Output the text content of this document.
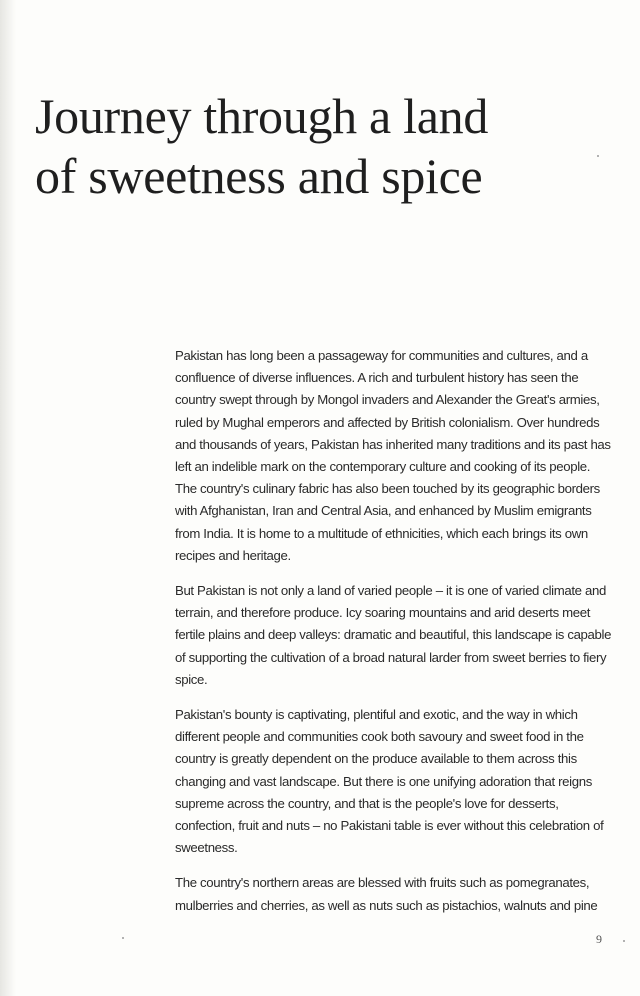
Journey through a land
of sweetness and spice

Pakistan has long been a passageway for communities and cultures, and a confluence of diverse influences. A rich and turbulent history has seen the country swept through by Mongol invaders and Alexander the Great's armies, ruled by Mughal emperors and affected by British colonialism. Over hundreds and thousands of years, Pakistan has inherited many traditions and its past has left an indelible mark on the contemporary culture and cooking of its people. The country's culinary fabric has also been touched by its geographic borders with Afghanistan, Iran and Central Asia, and enhanced by Muslim emigrants from India. It is home to a multitude of ethnicities, which each brings its own recipes and heritage.

But Pakistan is not only a land of varied people – it is one of varied climate and terrain, and therefore produce. Icy soaring mountains and arid deserts meet fertile plains and deep valleys: dramatic and beautiful, this landscape is capable of supporting the cultivation of a broad natural larder from sweet berries to fiery spice.

Pakistan's bounty is captivating, plentiful and exotic, and the way in which different people and communities cook both savoury and sweet food in the country is greatly dependent on the produce available to them across this changing and vast landscape. But there is one unifying adoration that reigns supreme across the country, and that is the people's love for desserts, confection, fruit and nuts – no Pakistani table is ever without this celebration of sweetness.

The country's northern areas are blessed with fruits such as pomegranates, mulberries and cherries, as well as nuts such as pistachios, walnuts and pine

9
